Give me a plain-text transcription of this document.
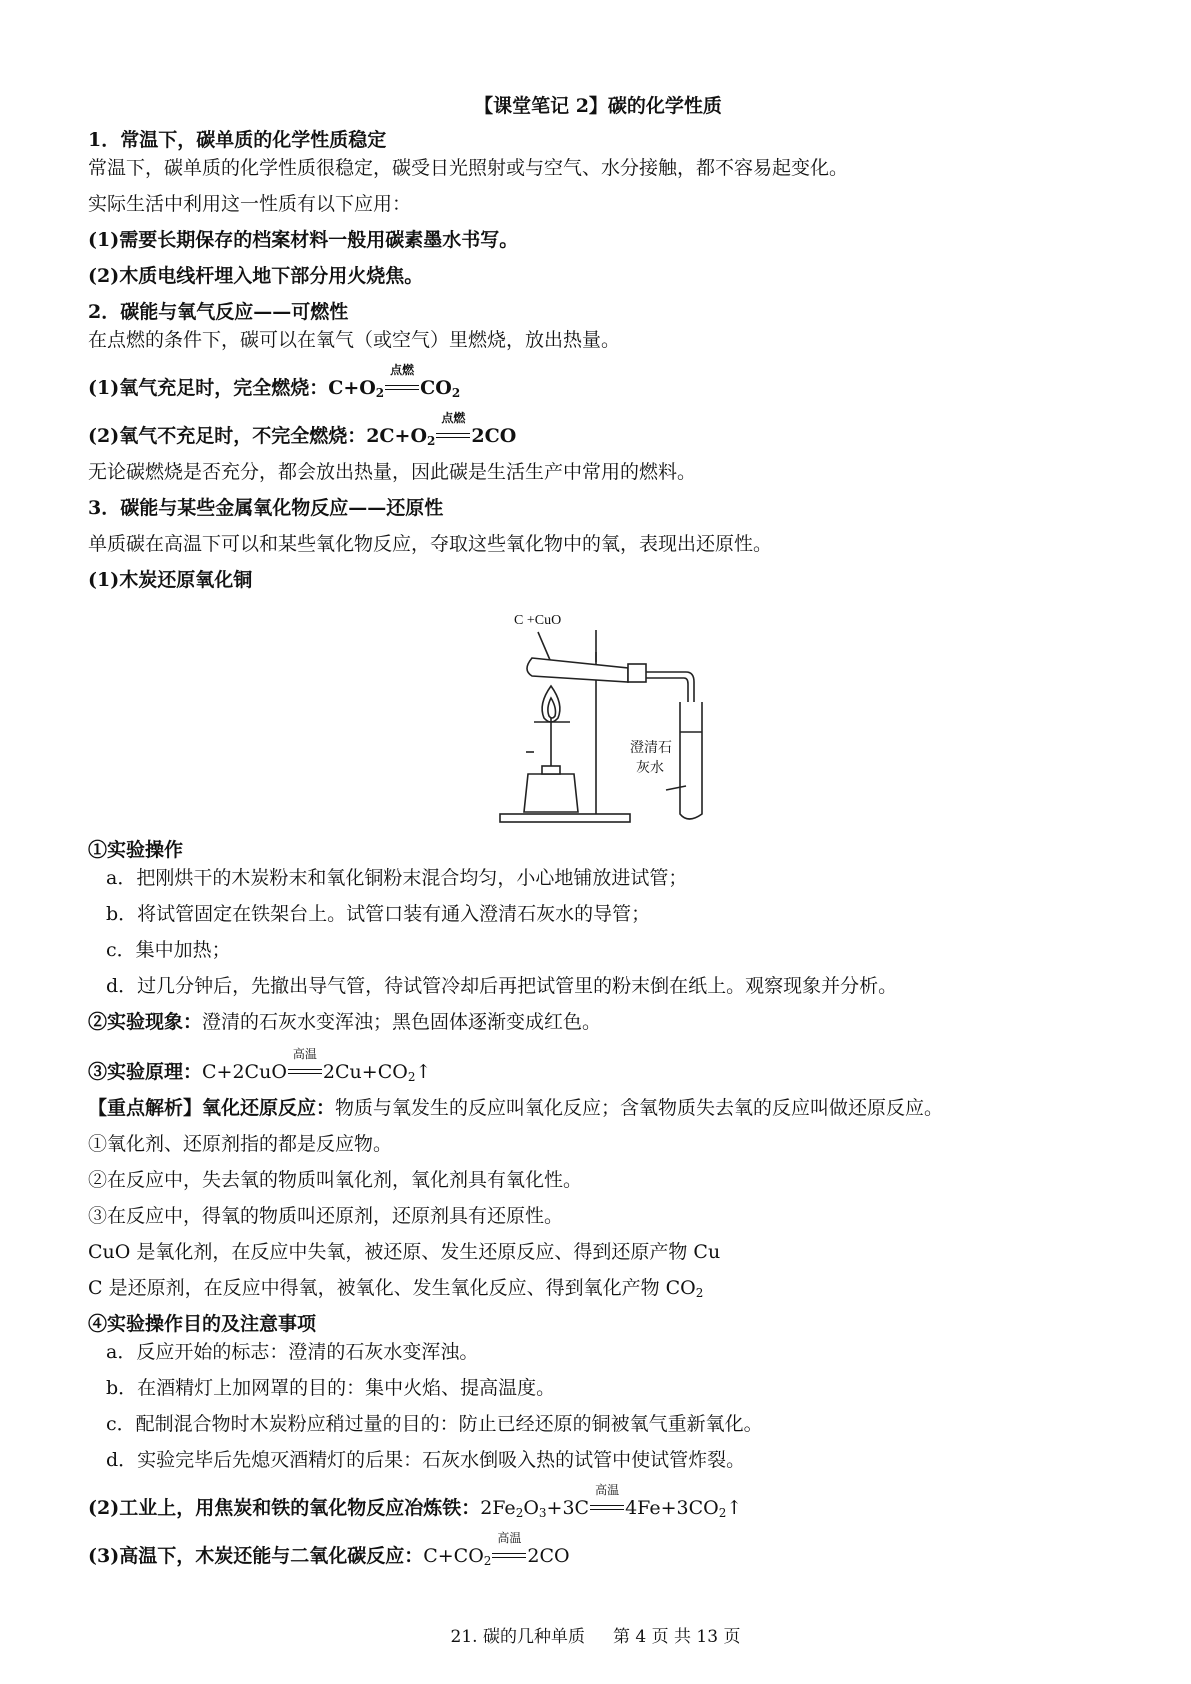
【课堂笔记 2】碳的化学性质
1．常温下，碳单质的化学性质稳定
常温下，碳单质的化学性质很稳定，碳受日光照射或与空气、水分接触，都不容易起变化。
实际生活中利用这一性质有以下应用：
(1)需要长期保存的档案材料一般用碳素墨水书写。
(2)木质电线杆埋入地下部分用火烧焦。
2．碳能与氧气反应——可燃性
在点燃的条件下，碳可以在氧气（或空气）里燃烧，放出热量。
(1)氧气充足时，完全燃烧：$C+O_2$
点燃
$CO_2$
(2)氧气不充足时，不完全燃烧：$2C+O_2$
点燃
2CO
无论碳燃烧是否充分，都会放出热量，因此碳是生活生产中常用的燃料。
3．碳能与某些金属氧化物反应——还原性
单质碳在高温下可以和某些氧化物反应，夺取这些氧化物中的氧，表现出还原性。
(1)木炭还原氧化铜
C +CuO
澄清石
灰水
①实验操作
a．把刚烘干的木炭粉末和氧化铜粉末混合均匀，小心地铺放进试管；
b．将试管固定在铁架台上。试管口装有通入澄清石灰水的导管；
c．集中加热；
d．过几分钟后，先撤出导气管，待试管冷却后再把试管里的粉末倒在纸上。观察现象并分析。
②实验现象：澄清的石灰水变浑浊；黑色固体逐渐变成红色。
③实验原理：C+2CuO
高温
$2Cu+CO_2↑$
【重点解析】氧化还原反应：物质与氧发生的反应叫氧化反应；含氧物质失去氧的反应叫做还原反应。
①氧化剂、还原剂指的都是反应物。
②在反应中，失去氧的物质叫氧化剂，氧化剂具有氧化性。
③在反应中，得氧的物质叫还原剂，还原剂具有还原性。
CuO 是氧化剂，在反应中失氧，被还原、发生还原反应、得到还原产物 Cu
C 是还原剂，在反应中得氧，被氧化、发生氧化反应、得到氧化产物 $CO_2$
④实验操作目的及注意事项
a．反应开始的标志：澄清的石灰水变浑浊。
b．在酒精灯上加网罩的目的：集中火焰、提高温度。
c．配制混合物时木炭粉应稍过量的目的：防止已经还原的铜被氧气重新氧化。
d．实验完毕后先熄灭酒精灯的后果：石灰水倒吸入热的试管中使试管炸裂。
(2)工业上，用焦炭和铁的氧化物反应冶炼铁：$2Fe_2O_3+3C$
高温
$4Fe+3CO_2↑$
(3)高温下，木炭还能与二氧化碳反应：$C+CO_2$
高温
2CO
21. 碳的几种单质 第 4 页 共 13 页
